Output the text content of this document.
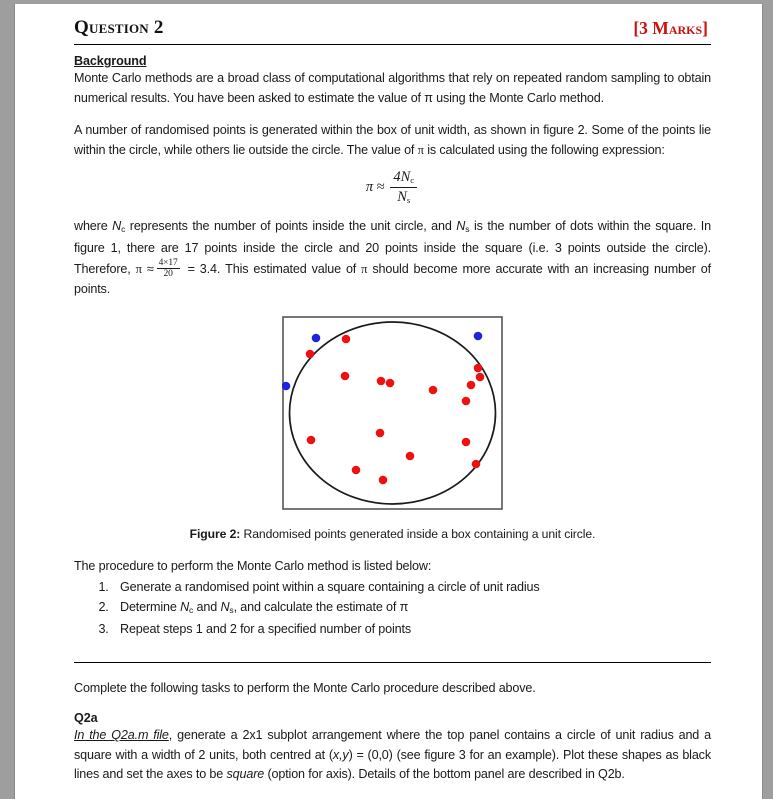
Question 2	[3 Marks]
Background

Monte Carlo methods are a broad class of computational algorithms that rely on repeated random sampling to obtain numerical results. You have been asked to estimate the value of π using the Monte Carlo method.

A number of randomised points is generated within the box of unit width, as shown in figure 2. Some of the points lie within the circle, while others lie outside the circle. The value of π is calculated using the following expression:

$\pi \approx \frac{4N_c}{N_s}$

where $N_c$ represents the number of points inside the unit circle, and $N_s$ is the number of dots within the square. In figure 1, there are 17 points inside the circle and 20 points inside the square (i.e. 3 points outside the circle). Therefore, $\pi \approx \frac{4\times 17}{20} = 3.4$. This estimated value of π should become more accurate with an increasing number of points.

Figure 2: Randomised points generated inside a box containing a unit circle.

The procedure to perform the Monte Carlo method is listed below:

1. Generate a randomised point within a square containing a circle of unit radius
2. Determine $N_c$ and $N_s$, and calculate the estimate of π
3. Repeat steps 1 and 2 for a specified number of points

Complete the following tasks to perform the Monte Carlo procedure described above.

Q2a

In the Q2a.m file, generate a 2x1 subplot arrangement where the top panel contains a circle of unit radius and a square with a width of 2 units, both centred at (x,y) = (0,0) (see figure 3 for an example). Plot these shapes as black lines and set the axes to be square (option for axis). Details of the bottom panel are described in Q2b.
